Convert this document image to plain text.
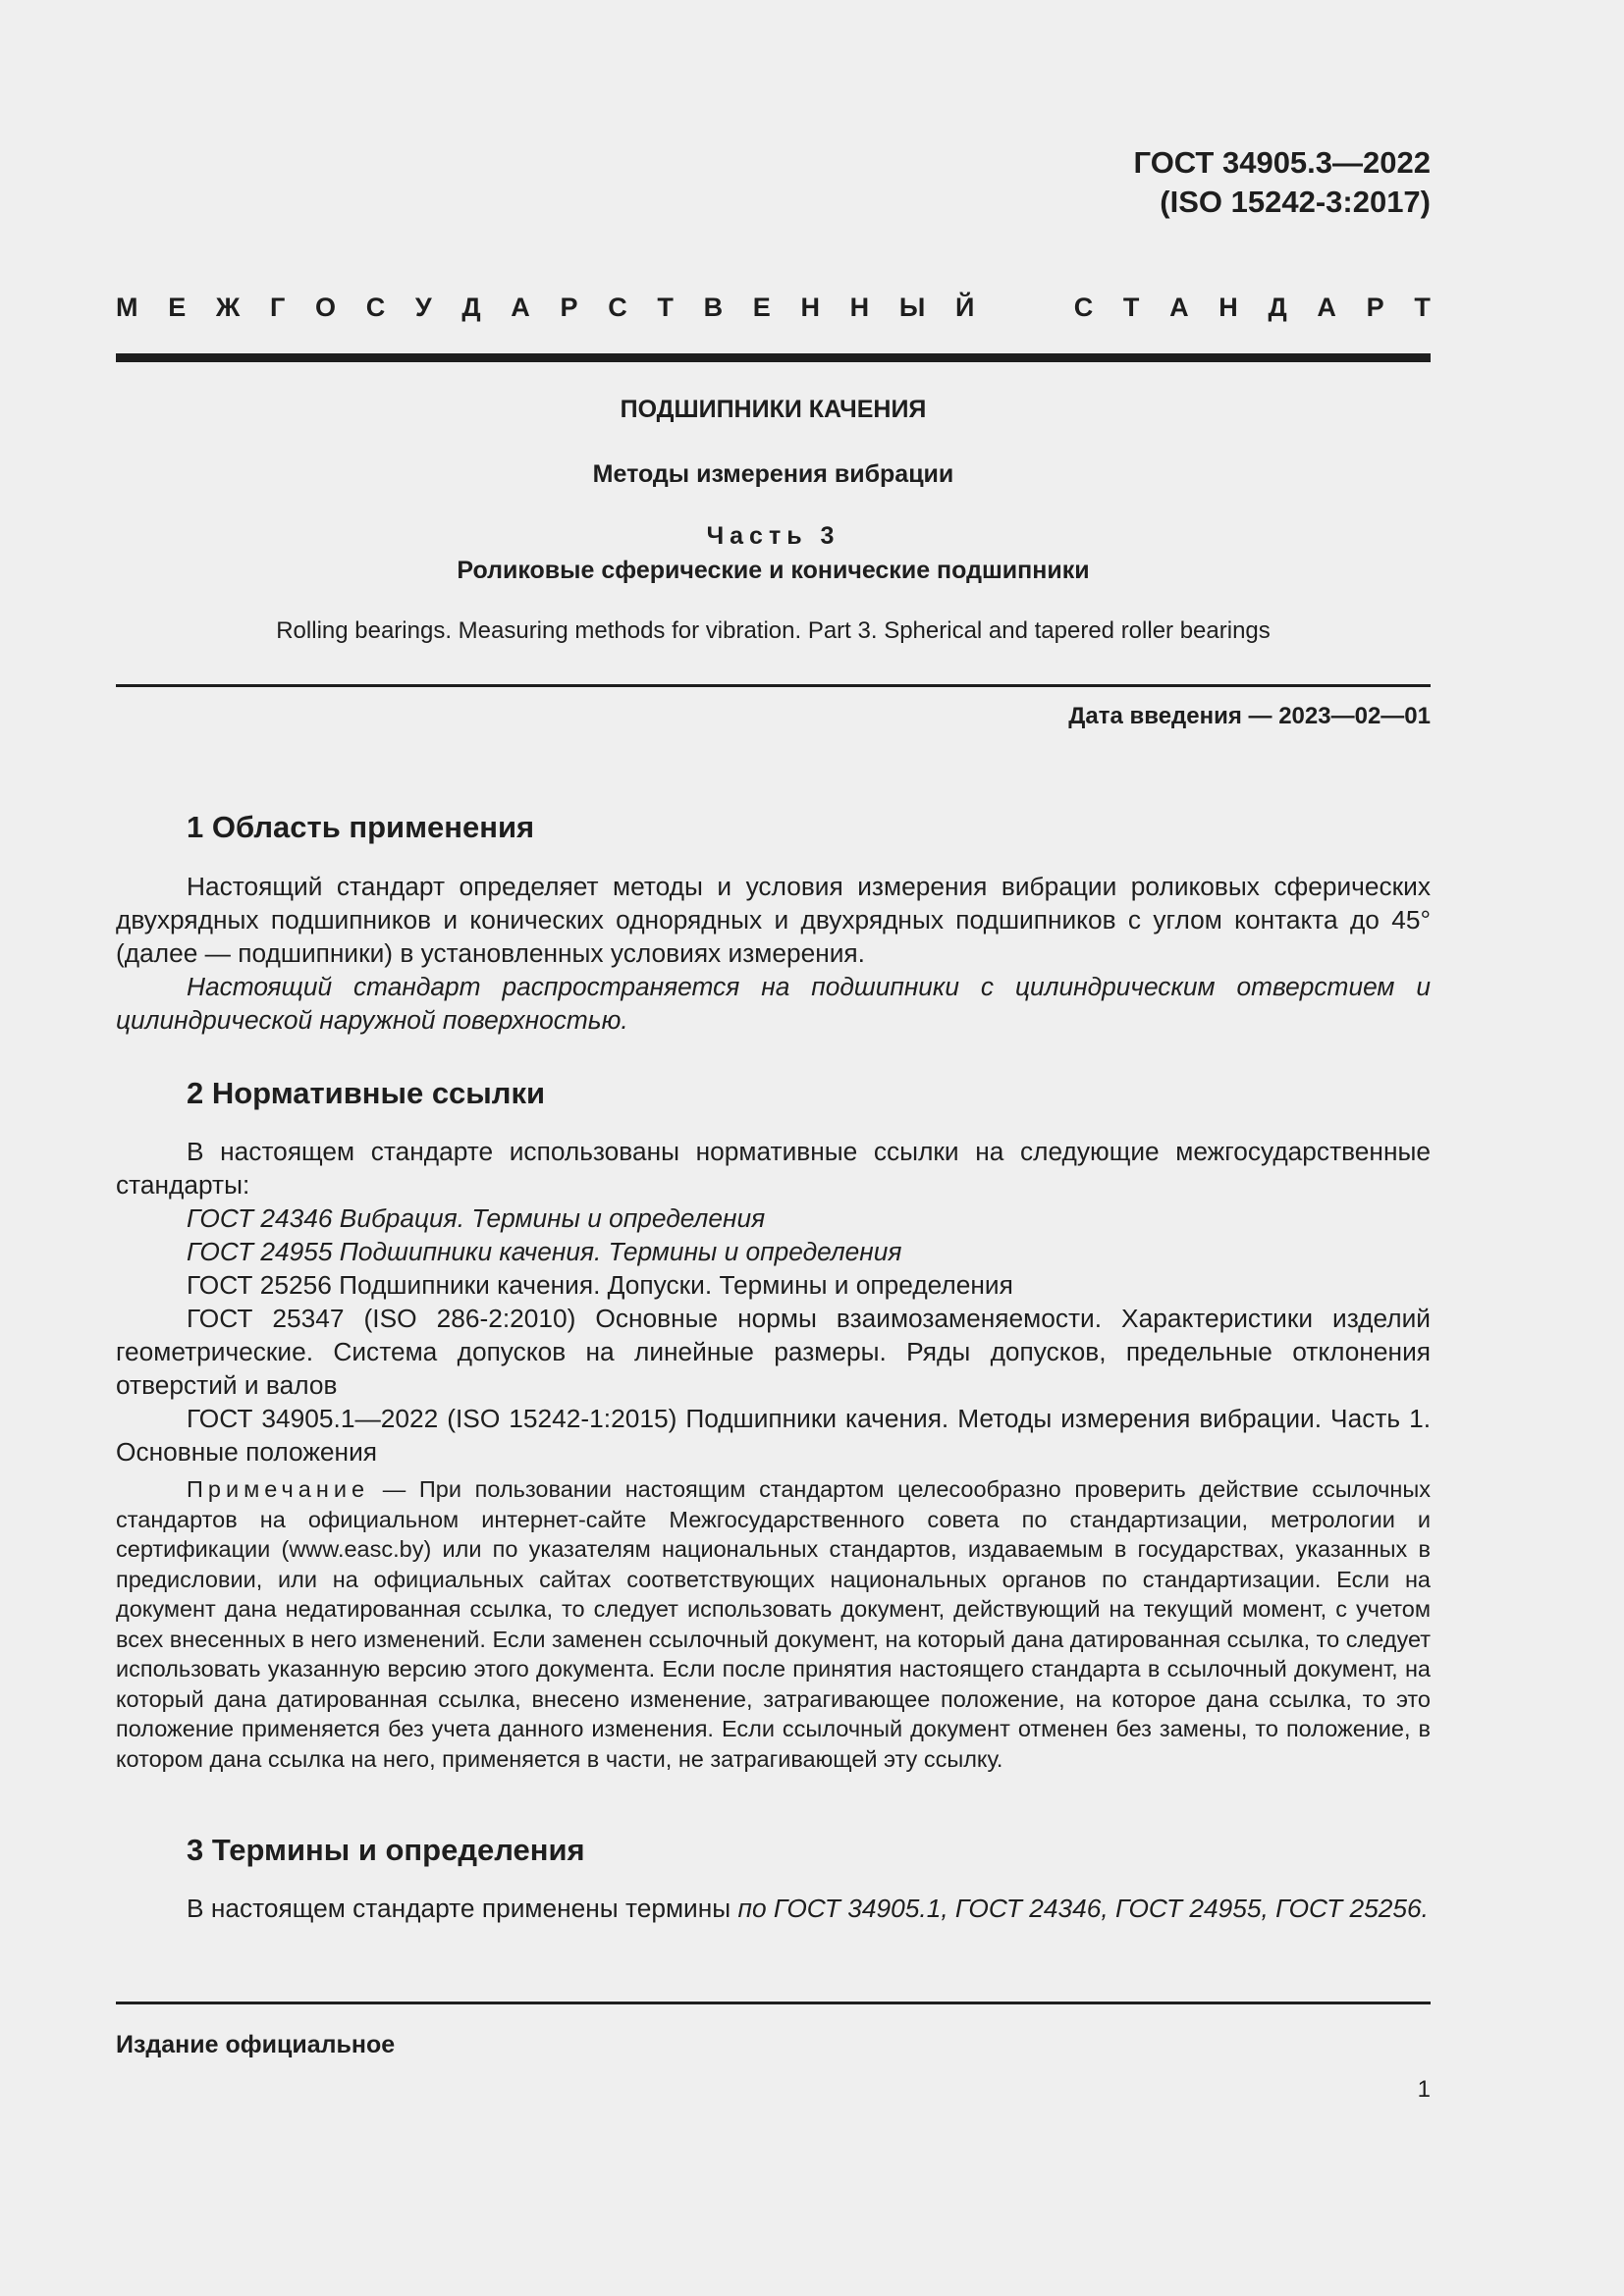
ГОСТ 34905.3—2022
(ISO 15242-3:2017)
М Е Ж Г О С У Д А Р С Т В Е Н Н Ы Й	С Т А Н Д А Р Т
ПОДШИПНИКИ КАЧЕНИЯ
Методы измерения вибрации
Часть 3
Роликовые сферические и конические подшипники
Rolling bearings. Measuring methods for vibration. Part 3. Spherical and tapered roller bearings
Дата введения — 2023—02—01
1 Область применения

Настоящий стандарт определяет методы и условия измерения вибрации роликовых сферических двухрядных подшипников и конических однорядных и двухрядных подшипников с углом контакта до 45° (далее — подшипники) в установленных условиях измерения.

Настоящий стандарт распространяется на подшипники с цилиндрическим отверстием и цилиндрической наружной поверхностью.

2 Нормативные ссылки

В настоящем стандарте использованы нормативные ссылки на следующие межгосударственные стандарты:

ГОСТ 24346 Вибрация. Термины и определения

ГОСТ 24955 Подшипники качения. Термины и определения

ГОСТ 25256 Подшипники качения. Допуски. Термины и определения

ГОСТ 25347 (ISO 286-2:2010) Основные нормы взаимозаменяемости. Характеристики изделий геометрические. Система допусков на линейные размеры. Ряды допусков, предельные отклонения отверстий и валов

ГОСТ 34905.1—2022 (ISO 15242-1:2015) Подшипники качения. Методы измерения вибрации. Часть 1. Основные положения

Примечание — При пользовании настоящим стандартом целесообразно проверить действие ссылочных стандартов на официальном интернет-сайте Межгосударственного совета по стандартизации, метрологии и сертификации (www.easc.by) или по указателям национальных стандартов, издаваемым в государствах, указанных в предисловии, или на официальных сайтах соответствующих национальных органов по стандартизации. Если на документ дана недатированная ссылка, то следует использовать документ, действующий на текущий момент, с учетом всех внесенных в него изменений. Если заменен ссылочный документ, на который дана датированная ссылка, то следует использовать указанную версию этого документа. Если после принятия настоящего стандарта в ссылочный документ, на который дана датированная ссылка, внесено изменение, затрагивающее положение, на которое дана ссылка, то это положение применяется без учета данного изменения. Если ссылочный документ отменен без замены, то положение, в котором дана ссылка на него, применяется в части, не затрагивающей эту ссылку.

3 Термины и определения

В настоящем стандарте применены термины по ГОСТ 34905.1, ГОСТ 24346, ГОСТ 24955, ГОСТ 25256.

Издание официальное
1
